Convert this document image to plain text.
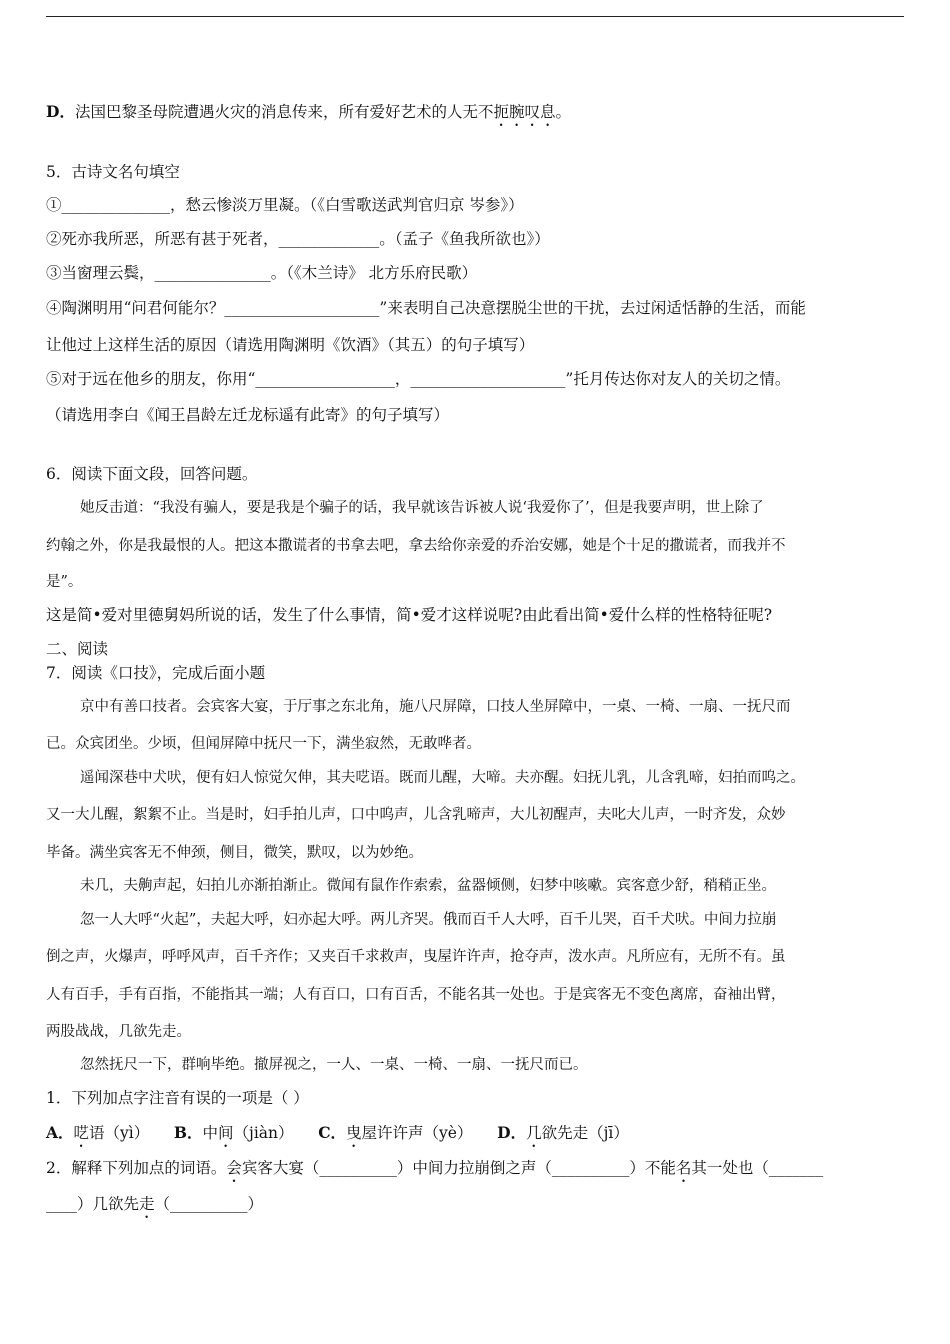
D．法国巴黎圣母院遭遇火灾的消息传来，所有爱好艺术的人无不扼腕叹息。
5．古诗文名句填空
①______________，愁云惨淡万里凝。（《白雪歌送武判官归京 岑参》）
②死亦我所恶，所恶有甚于死者，_____________。（孟子《鱼我所欲也》）
③当窗理云鬓，_______________。（《木兰诗》 北方乐府民歌）
④陶渊明用“问君何能尔？____________________”来表明自己决意摆脱尘世的干扰，去过闲适恬静的生活，而能
让他过上这样生活的原因（请选用陶渊明《饮酒》（其五）的句子填写）
⑤对于远在他乡的朋友，你用“__________________，____________________”托月传达你对友人的关切之情。
（请选用李白《闻王昌龄左迁龙标遥有此寄》的句子填写）
6．阅读下面文段，回答问题。
她反击道：“我没有骗人，要是我是个骗子的话，我早就该告诉被人说‘我爱你了’，但是我要声明，世上除了
约翰之外，你是我最恨的人。把这本撒谎者的书拿去吧，拿去给你亲爱的乔治安娜，她是个十足的撒谎者，而我并不
是”。
这是简•爱对里德舅妈所说的话，发生了什么事情，简•爱才这样说呢?由此看出简•爱什么样的性格特征呢?
二、阅读
7．阅读《口技》，完成后面小题
京中有善口技者。会宾客大宴，于厅事之东北角，施八尺屏障，口技人坐屏障中，一桌、一椅、一扇、一抚尺而
已。众宾团坐。少顷，但闻屏障中抚尺一下，满坐寂然，无敢哗者。
遥闻深巷中犬吠，便有妇人惊觉欠伸，其夫呓语。既而儿醒，大啼。夫亦醒。妇抚儿乳，儿含乳啼，妇拍而呜之。
又一大儿醒，絮絮不止。当是时，妇手拍儿声，口中呜声，儿含乳啼声，大儿初醒声，夫叱大儿声，一时齐发，众妙
毕备。满坐宾客无不伸颈，侧目，微笑，默叹，以为妙绝。
未几，夫齁声起，妇拍儿亦渐拍渐止。微闻有鼠作作索索，盆器倾侧，妇梦中咳嗽。宾客意少舒，稍稍正坐。
忽一人大呼“火起”，夫起大呼，妇亦起大呼。两儿齐哭。俄而百千人大呼，百千儿哭，百千犬吠。中间力拉崩
倒之声，火爆声，呼呼风声，百千齐作；又夹百千求救声，曳屋许许声，抢夺声，泼水声。凡所应有，无所不有。虽
人有百手，手有百指，不能指其一端；人有百口，口有百舌，不能名其一处也。于是宾客无不变色离席，奋袖出臂，
两股战战，几欲先走。
忽然抚尺一下，群响毕绝。撤屏视之，一人、一桌、一椅、一扇、一抚尺而已。
1．下列加点字注音有误的一项是（ ）
A．呓语（yì） B．中间（jiàn） C．曳屋许许声（yè） D．几欲先走（jī）
2．解释下列加点的词语。会宾客大宴（__________）中间力拉崩倒之声（__________）不能名其一处也（_______
____）几欲先走（__________）
